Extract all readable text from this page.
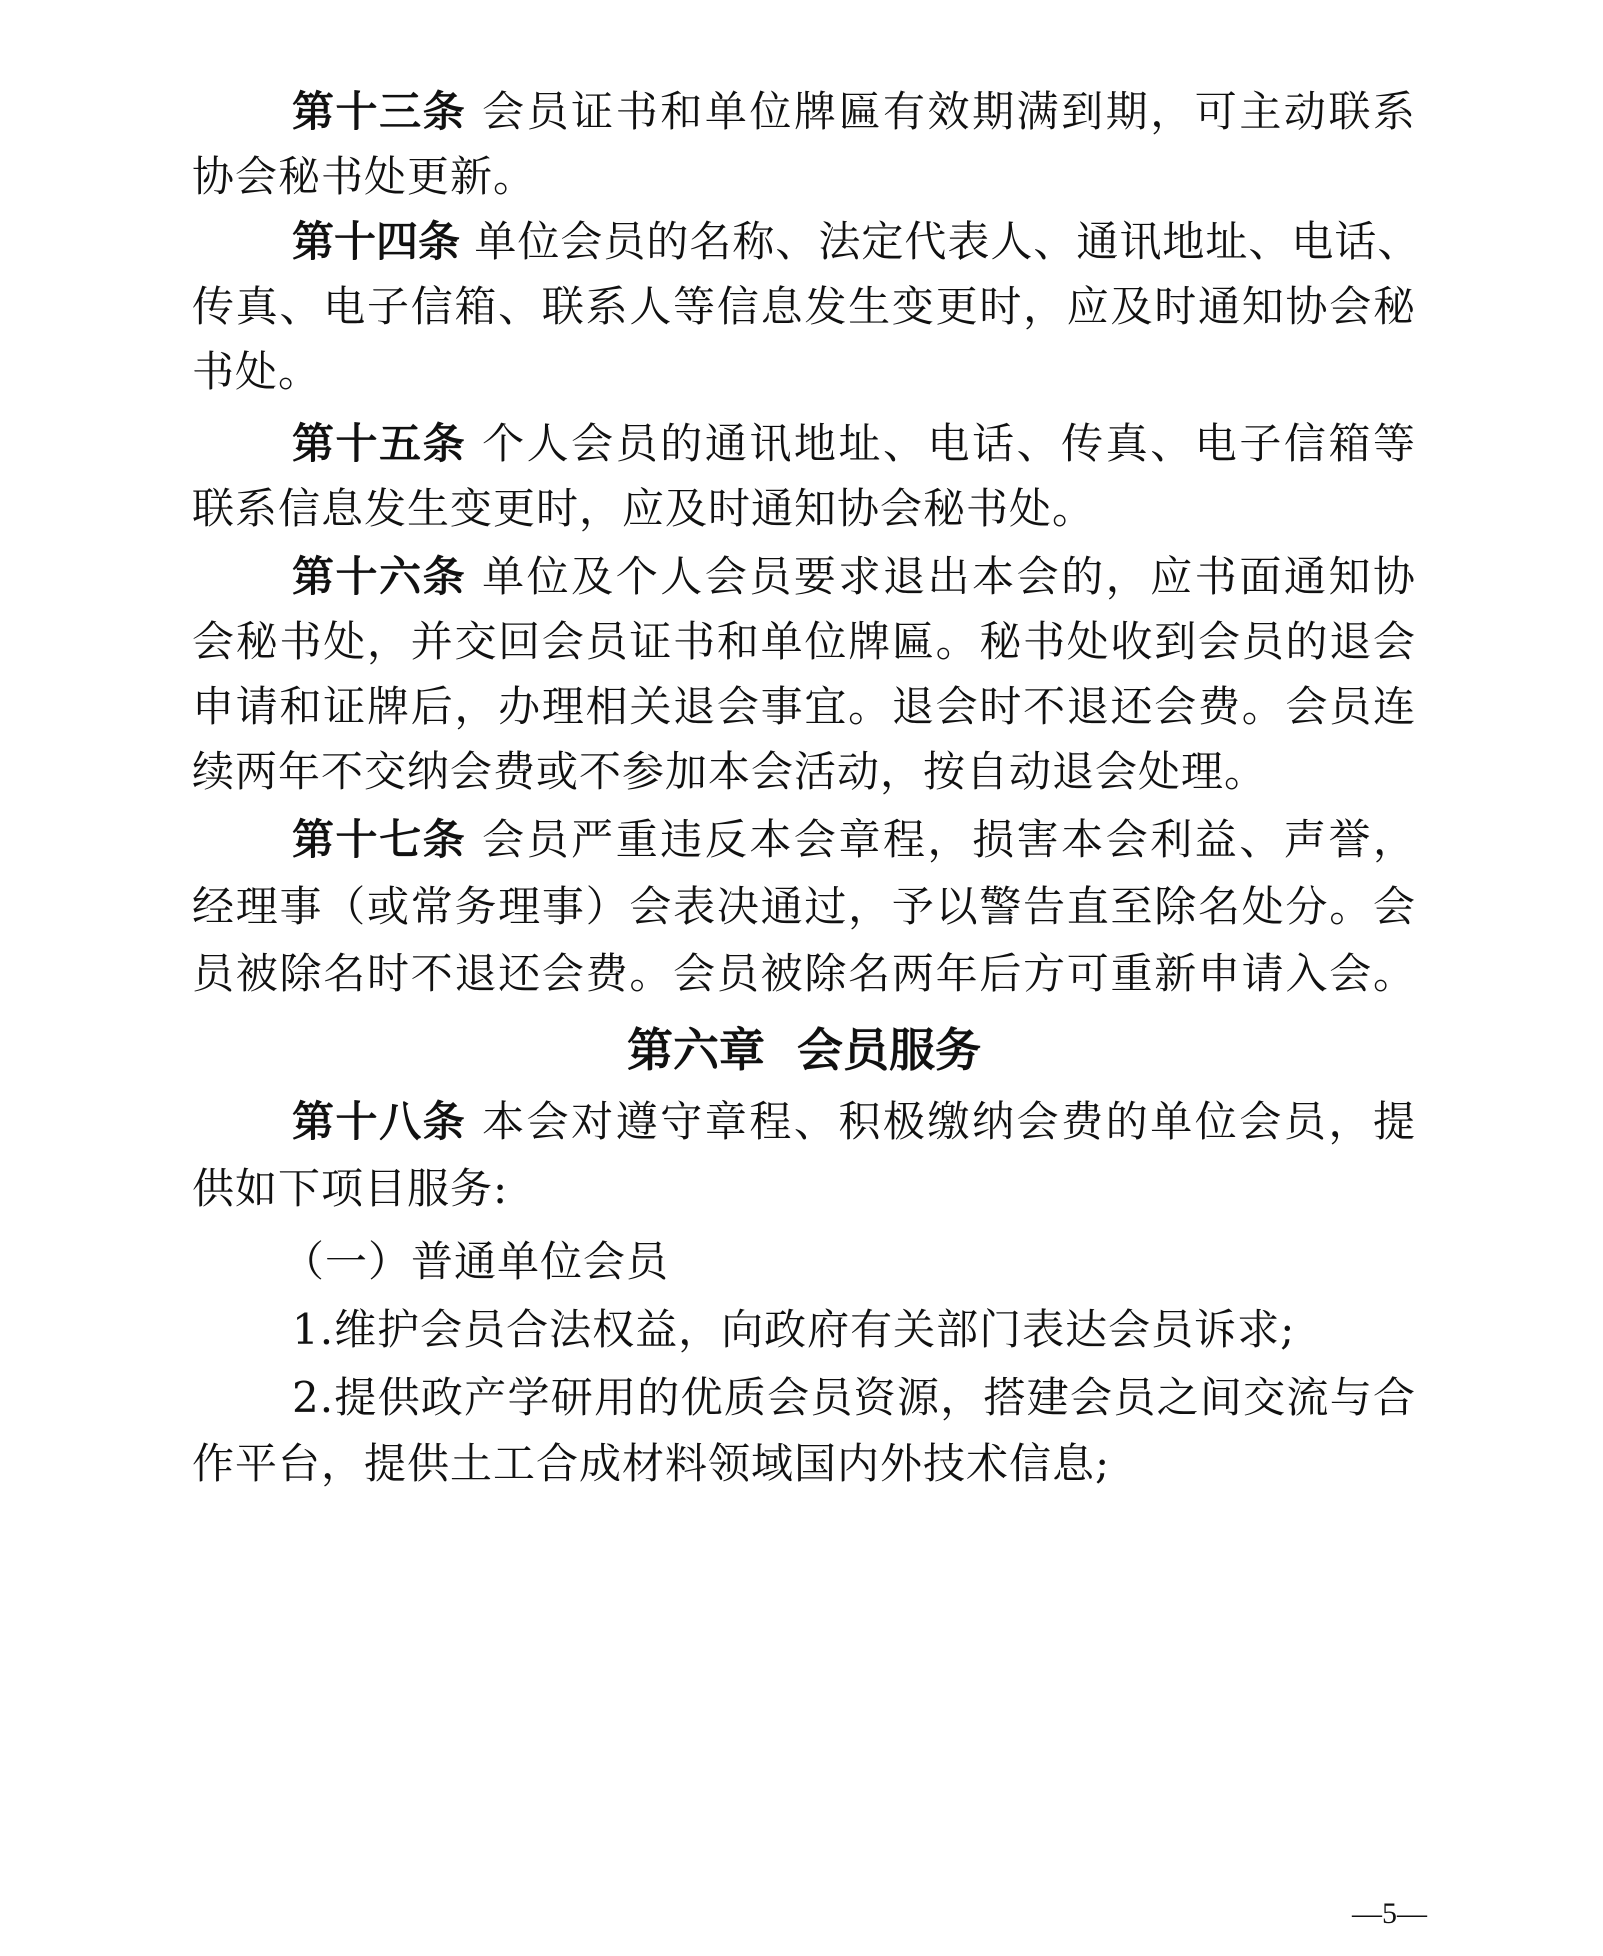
第十三条 会员证书和单位牌匾有效期满到期，可主动联系
协会秘书处更新。
第十四条 单位会员的名称、法定代表人、通讯地址、电话、
传真、电子信箱、联系人等信息发生变更时，应及时通知协会秘
书处。
第十五条 个人会员的通讯地址、电话、传真、电子信箱等
联系信息发生变更时，应及时通知协会秘书处。
第十六条 单位及个人会员要求退出本会的，应书面通知协
会秘书处，并交回会员证书和单位牌匾。秘书处收到会员的退会
申请和证牌后，办理相关退会事宜。退会时不退还会费。会员连
续两年不交纳会费或不参加本会活动，按自动退会处理。
第十七条 会员严重违反本会章程，损害本会利益、声誉，
经理事（或常务理事）会表决通过，予以警告直至除名处分。会
员被除名时不退还会费。会员被除名两年后方可重新申请入会。
第六章  会员服务
第十八条 本会对遵守章程、积极缴纳会费的单位会员，提
供如下项目服务:
（一）普通单位会员
1.维护会员合法权益，向政府有关部门表达会员诉求;
2.提供政产学研用的优质会员资源，搭建会员之间交流与合
作平台，提供土工合成材料领域国内外技术信息;
—5—
